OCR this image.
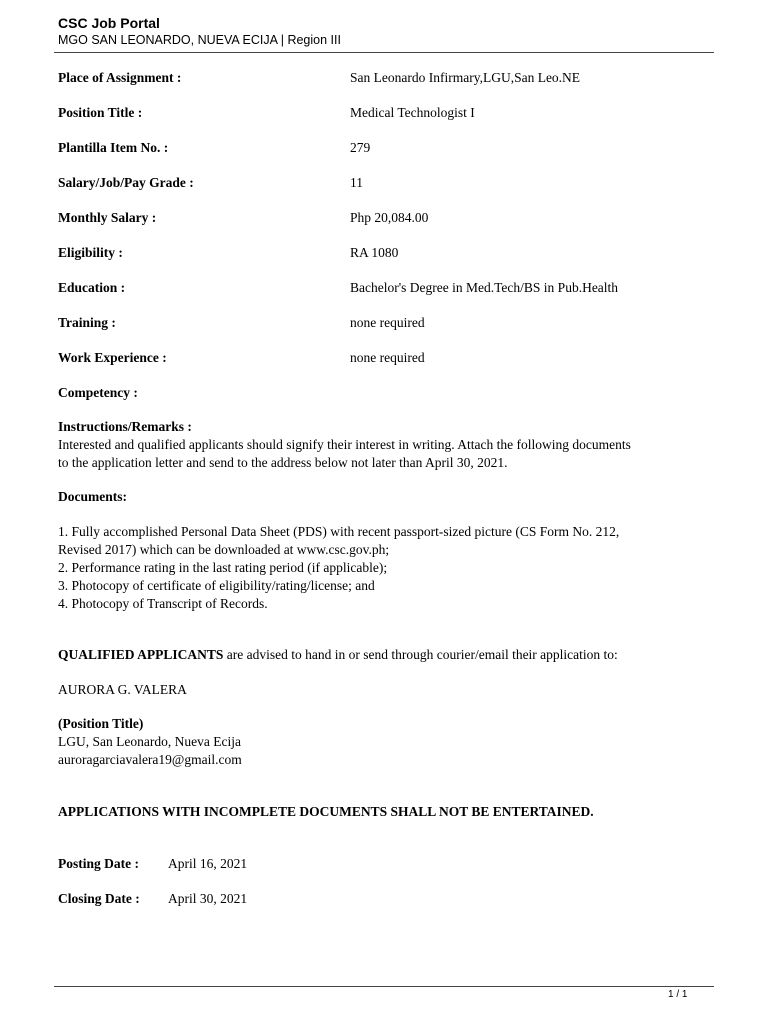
CSC Job Portal
MGO SAN LEONARDO, NUEVA ECIJA | Region III
Place of Assignment :	San Leonardo Infirmary,LGU,San Leo.NE
Position Title :	Medical Technologist I
Plantilla Item No. :	279
Salary/Job/Pay Grade :	11
Monthly Salary :	Php 20,084.00
Eligibility :	RA 1080
Education :	Bachelor's Degree in Med.Tech/BS in Pub.Health
Training :	none required
Work Experience :	none required
Competency :
Instructions/Remarks :
Interested and qualified applicants should signify their interest in writing. Attach the following documents
to the application letter and send to the address below not later than April 30, 2021.
Documents:
1. Fully accomplished Personal Data Sheet (PDS) with recent passport-sized picture (CS Form No. 212,
Revised 2017) which can be downloaded at www.csc.gov.ph;
2. Performance rating in the last rating period (if applicable);
3. Photocopy of certificate of eligibility/rating/license; and
4. Photocopy of Transcript of Records.
QUALIFIED APPLICANTS are advised to hand in or send through courier/email their application to:
AURORA G. VALERA
(Position Title)
LGU, San Leonardo, Nueva Ecija
auroragarciavalera19@gmail.com
APPLICATIONS WITH INCOMPLETE DOCUMENTS SHALL NOT BE ENTERTAINED.
Posting Date : April 16, 2021
Closing Date : April 30, 2021
1 / 1
